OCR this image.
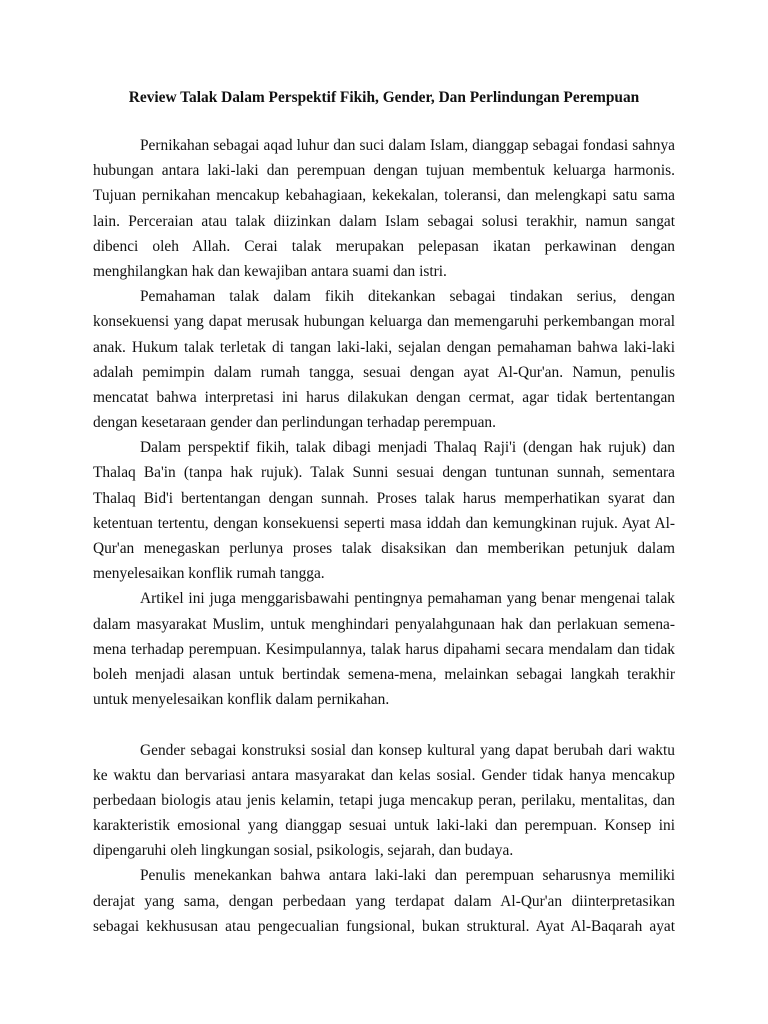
Review Talak Dalam Perspektif Fikih, Gender, Dan Perlindungan Perempuan
Pernikahan sebagai aqad luhur dan suci dalam Islam, dianggap sebagai fondasi sahnya
hubungan antara laki-laki dan perempuan dengan tujuan membentuk keluarga harmonis.
Tujuan pernikahan mencakup kebahagiaan, kekekalan, toleransi, dan melengkapi satu sama
lain. Perceraian atau talak diizinkan dalam Islam sebagai solusi terakhir, namun sangat
dibenci oleh Allah. Cerai talak merupakan pelepasan ikatan perkawinan dengan
menghilangkan hak dan kewajiban antara suami dan istri.
Pemahaman talak dalam fikih ditekankan sebagai tindakan serius, dengan
konsekuensi yang dapat merusak hubungan keluarga dan memengaruhi perkembangan moral
anak. Hukum talak terletak di tangan laki-laki, sejalan dengan pemahaman bahwa laki-laki
adalah pemimpin dalam rumah tangga, sesuai dengan ayat Al-Qur'an. Namun, penulis
mencatat bahwa interpretasi ini harus dilakukan dengan cermat, agar tidak bertentangan
dengan kesetaraan gender dan perlindungan terhadap perempuan.
Dalam perspektif fikih, talak dibagi menjadi Thalaq Raji'i (dengan hak rujuk) dan
Thalaq Ba'in (tanpa hak rujuk). Talak Sunni sesuai dengan tuntunan sunnah, sementara
Thalaq Bid'i bertentangan dengan sunnah. Proses talak harus memperhatikan syarat dan
ketentuan tertentu, dengan konsekuensi seperti masa iddah dan kemungkinan rujuk. Ayat Al-
Qur'an menegaskan perlunya proses talak disaksikan dan memberikan petunjuk dalam
menyelesaikan konflik rumah tangga.
Artikel ini juga menggarisbawahi pentingnya pemahaman yang benar mengenai talak
dalam masyarakat Muslim, untuk menghindari penyalahgunaan hak dan perlakuan semena-
mena terhadap perempuan. Kesimpulannya, talak harus dipahami secara mendalam dan tidak
boleh menjadi alasan untuk bertindak semena-mena, melainkan sebagai langkah terakhir
untuk menyelesaikan konflik dalam pernikahan.
Gender sebagai konstruksi sosial dan konsep kultural yang dapat berubah dari waktu
ke waktu dan bervariasi antara masyarakat dan kelas sosial. Gender tidak hanya mencakup
perbedaan biologis atau jenis kelamin, tetapi juga mencakup peran, perilaku, mentalitas, dan
karakteristik emosional yang dianggap sesuai untuk laki-laki dan perempuan. Konsep ini
dipengaruhi oleh lingkungan sosial, psikologis, sejarah, dan budaya.
Penulis menekankan bahwa antara laki-laki dan perempuan seharusnya memiliki
derajat yang sama, dengan perbedaan yang terdapat dalam Al-Qur'an diinterpretasikan
sebagai kekhususan atau pengecualian fungsional, bukan struktural. Ayat Al-Baqarah ayat
